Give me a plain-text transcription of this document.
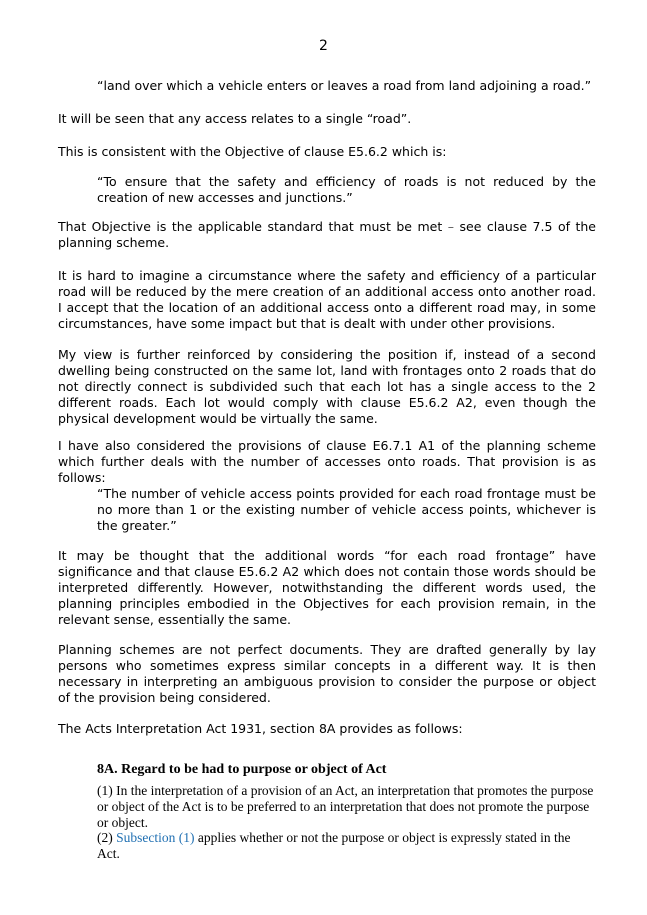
2

“land over which a vehicle enters or leaves a road from land adjoining a road.”

It will be seen that any access relates to a single “road”.

This is consistent with the Objective of clause E5.6.2 which is:

“To ensure that the safety and efficiency of roads is not reduced by the creation of new accesses and junctions.”

That Objective is the applicable standard that must be met – see clause 7.5 of the planning scheme.

It is hard to imagine a circumstance where the safety and efficiency of a particular road will be reduced by the mere creation of an additional access onto another road. I accept that the location of an additional access onto a different road may, in some circumstances, have some impact but that is dealt with under other provisions.

My view is further reinforced by considering the position if, instead of a second dwelling being constructed on the same lot, land with frontages onto 2 roads that do not directly connect is subdivided such that each lot has a single access to the 2 different roads. Each lot would comply with clause E5.6.2 A2, even though the physical development would be virtually the same.

I have also considered the provisions of clause E6.7.1 A1 of the planning scheme which further deals with the number of accesses onto roads. That provision is as follows:

“The number of vehicle access points provided for each road frontage must be no more than 1 or the existing number of vehicle access points, whichever is the greater.”

It may be thought that the additional words “for each road frontage” have significance and that clause E5.6.2 A2 which does not contain those words should be interpreted differently. However, notwithstanding the different words used, the planning principles embodied in the Objectives for each provision remain, in the relevant sense, essentially the same.

Planning schemes are not perfect documents. They are drafted generally by lay persons who sometimes express similar concepts in a different way. It is then necessary in interpreting an ambiguous provision to consider the purpose or object of the provision being considered.

The Acts Interpretation Act 1931, section 8A provides as follows:

8A. Regard to be had to purpose or object of Act

(1) In the interpretation of a provision of an Act, an interpretation that promotes the purpose or object of the Act is to be preferred to an interpretation that does not promote the purpose or object.

(2) Subsection (1) applies whether or not the purpose or object is expressly stated in the Act.
